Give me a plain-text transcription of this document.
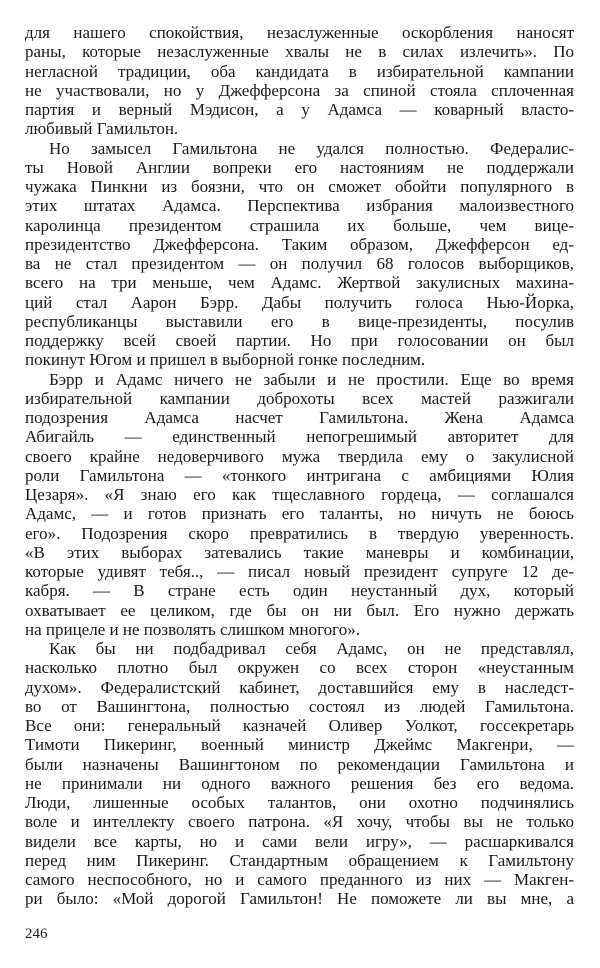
для нашего спокойствия, незаслуженные оскорбления наносят
раны, которые незаслуженные хвалы не в силах излечить». По
негласной традиции, оба кандидата в избирательной кампании
не участвовали, но у Джефферсона за спиной стояла сплоченная
партия и верный Мэдисон, а у Адамса — коварный власто-
любивый Гамильтон.
Но замысел Гамильтона не удался полностью. Федералис-
ты Новой Англии вопреки его настояниям не поддержали
чужака Пинкни из боязни, что он сможет обойти популярного в
этих штатах Адамса. Перспектива избрания малоизвестного
каролинца президентом страшила их больше, чем вице-
президентство Джефферсона. Таким образом, Джефферсон ед-
ва не стал президентом — он получил 68 голосов выборщиков,
всего на три меньше, чем Адамс. Жертвой закулисных махина-
ций стал Аарон Бэрр. Дабы получить голоса Нью-Йорка,
республиканцы выставили его в вице-президенты, посулив
поддержку всей своей партии. Но при голосовании он был
покинут Югом и пришел в выборной гонке последним.
Бэрр и Адамс ничего не забыли и не простили. Еще во время
избирательной кампании доброхоты всех мастей разжигали
подозрения Адамса насчет Гамильтона. Жена Адамса
Абигайль — единственный непогрешимый авторитет для
своего крайне недоверчивого мужа твердила ему о закулисной
роли Гамильтона — «тонкого интригана с амбициями Юлия
Цезаря». «Я знаю его как тщеславного гордеца, — соглашался
Адамс, — и готов признать его таланты, но ничуть не боюсь
его». Подозрения скоро превратились в твердую уверенность.
«В этих выборах затевались такие маневры и комбинации,
которые удивят тебя.., — писал новый президент супруге 12 де-
кабря. — В стране есть один неустанный дух, который
охватывает ее целиком, где бы он ни был. Его нужно держать
на прицеле и не позволять слишком многого».
Как бы ни подбадривал себя Адамс, он не представлял,
насколько плотно был окружен со всех сторон «неустанным
духом». Федералистский кабинет, доставшийся ему в наследст-
во от Вашингтона, полностью состоял из людей Гамильтона.
Все они: генеральный казначей Оливер Уолкот, госсекретарь
Тимоти Пикеринг, военный министр Джеймс Макгенри, —
были назначены Вашингтоном по рекомендации Гамильтона и
не принимали ни одного важного решения без его ведома.
Люди, лишенные особых талантов, они охотно подчинялись
воле и интеллекту своего патрона. «Я хочу, чтобы вы не только
видели все карты, но и сами вели игру», — расшаркивался
перед ним Пикеринг. Стандартным обращением к Гамильтону
самого неспособного, но и самого преданного из них — Макген-
ри было: «Мой дорогой Гамильтон! Не поможете ли вы мне, а
246
